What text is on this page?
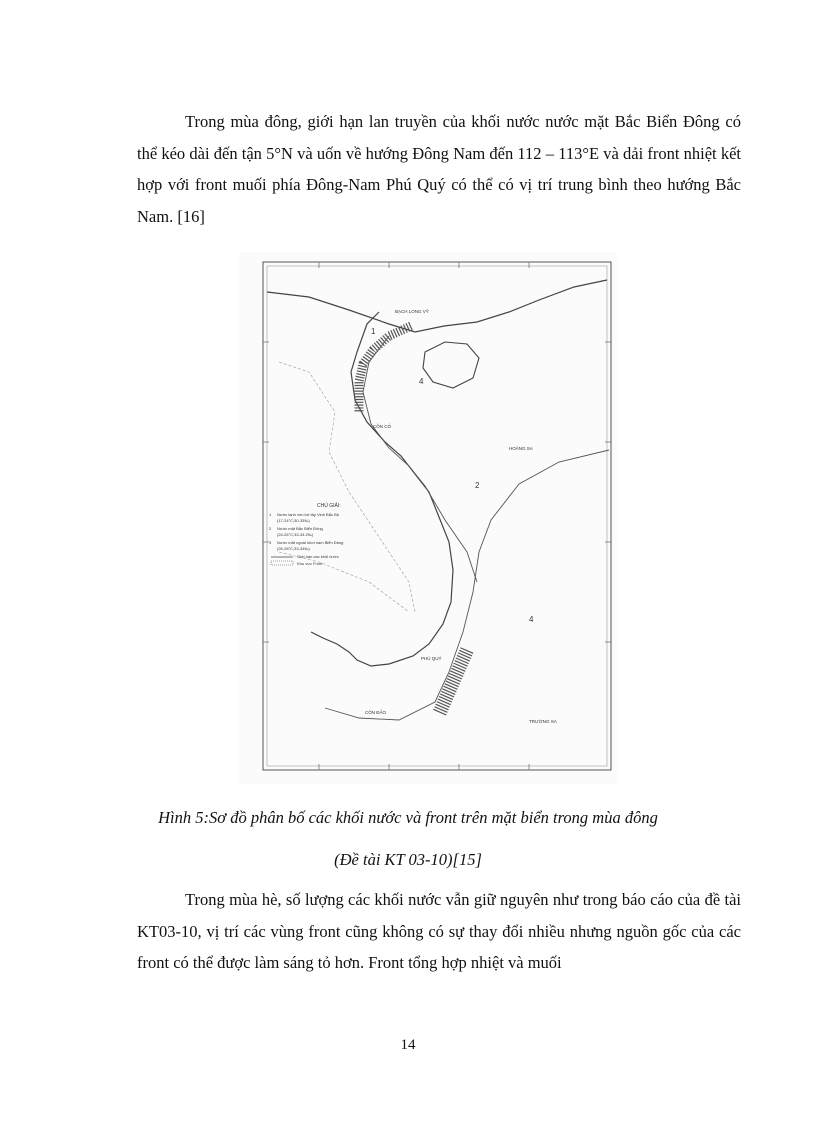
Trong mùa đông, giới hạn lan truyền của khối nước nước mặt Bắc Biển Đông có thể kéo dài đến tận 5°N và uốn về hướng Đông Nam đến 112 – 113°E và dải front nhiệt kết hợp với front muối phía Đông-Nam Phú Quý có thể có vị trí trung bình theo hướng Bắc Nam. [16]

BẠCH LONG VỸ
CỒN CỎ
HOÀNG SA
PHÚ QUÝ
CÔN ĐẢO
TRƯỜNG SA
1
2
4
4
CHÚ GIẢI:
1 Nước lạnh ven bờ tây Vịnh Bắc Bộ
(17-24°C;30-33‰)
2 Nước mặt Bắc Biển Đông
(24-26°C;33-34.2‰)
3 Nước mặt ngoài khơi nam Biển Đông
(26-28°C;33-34‰)
Giới hạn các khối nước
Khu vực Front

Hình 5:Sơ đồ phân bố các khối nước và front trên mặt biển trong mùa đông

(Đề tài KT 03-10)[15]

Trong mùa hè, số lượng các khối nước vẫn giữ nguyên như trong báo cáo của đề tài KT03-10, vị trí các vùng front cũng không có sự thay đổi nhiều nhưng nguồn gốc của các front có thể được làm sáng tỏ hơn. Front tổng hợp nhiệt và muối

14
